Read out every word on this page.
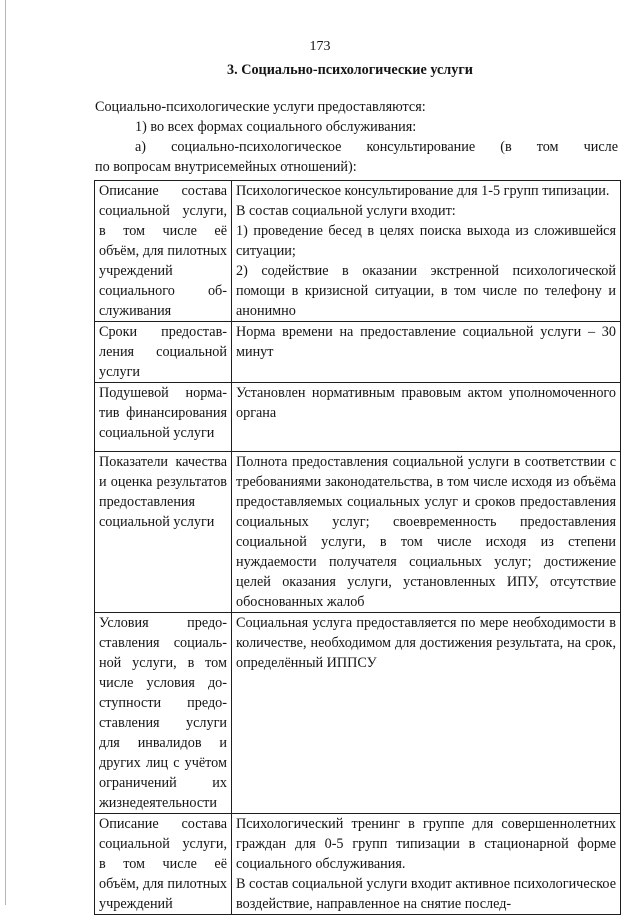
173
3. Социально-психологические услуги

Социально-психологические услуги предоставляются:

1) во всех формах социального обслуживания:

а) социально-психологическое консультирование (в том числе

по вопросам внутрисемейных отношений):

Описание состава социальной услуги, в том числе её объём, для пилотных учреждений социального обслуживания	Психологическое консультирование для 1-5 групп типизации.

В состав социальной услуги входит:

1) проведение бесед в целях поиска выхода из сложившейся ситуации;

2) содействие в оказании экстренной психологической помощи в кризисной ситуации, в том числе по телефону и анонимно

Сроки предоставления социальной услуги	Норма времени на предоставление социальной услуги – 30 минут

Подушевой норматив финансирования социальной услуги	Установлен нормативным правовым актом уполномоченного органа

Показатели качества и оценка результатов предоставления социальной услуги	Полнота предоставления социальной услуги в соответствии с требованиями законодательства, в том числе исходя из объёма предоставляемых социальных услуг и сроков предоставления социальных услуг; своевременность предоставления социальной услуги, в том числе исходя из степени нуждаемости получателя социальных услуг; достижение целей оказания услуги, установленных ИПУ, отсутствие обоснованных жалоб

Условия предоставления социальной услуги, в том числе условия доступности предоставления услуги для инвалидов и других лиц с учётом ограничений их жизнедеятельности	Социальная услуга предоставляется по мере необходимости в количестве, необходимом для достижения результата, на срок, определённый ИППСУ

Описание состава социальной услуги, в том числе её объём, для пилотных учреждений	Психологический тренинг в группе для совершеннолетних граждан для 0-5 групп типизации в стационарной форме социального обслуживания.

В состав социальной услуги входит активное психологическое воздействие, направленное на снятие послед-
